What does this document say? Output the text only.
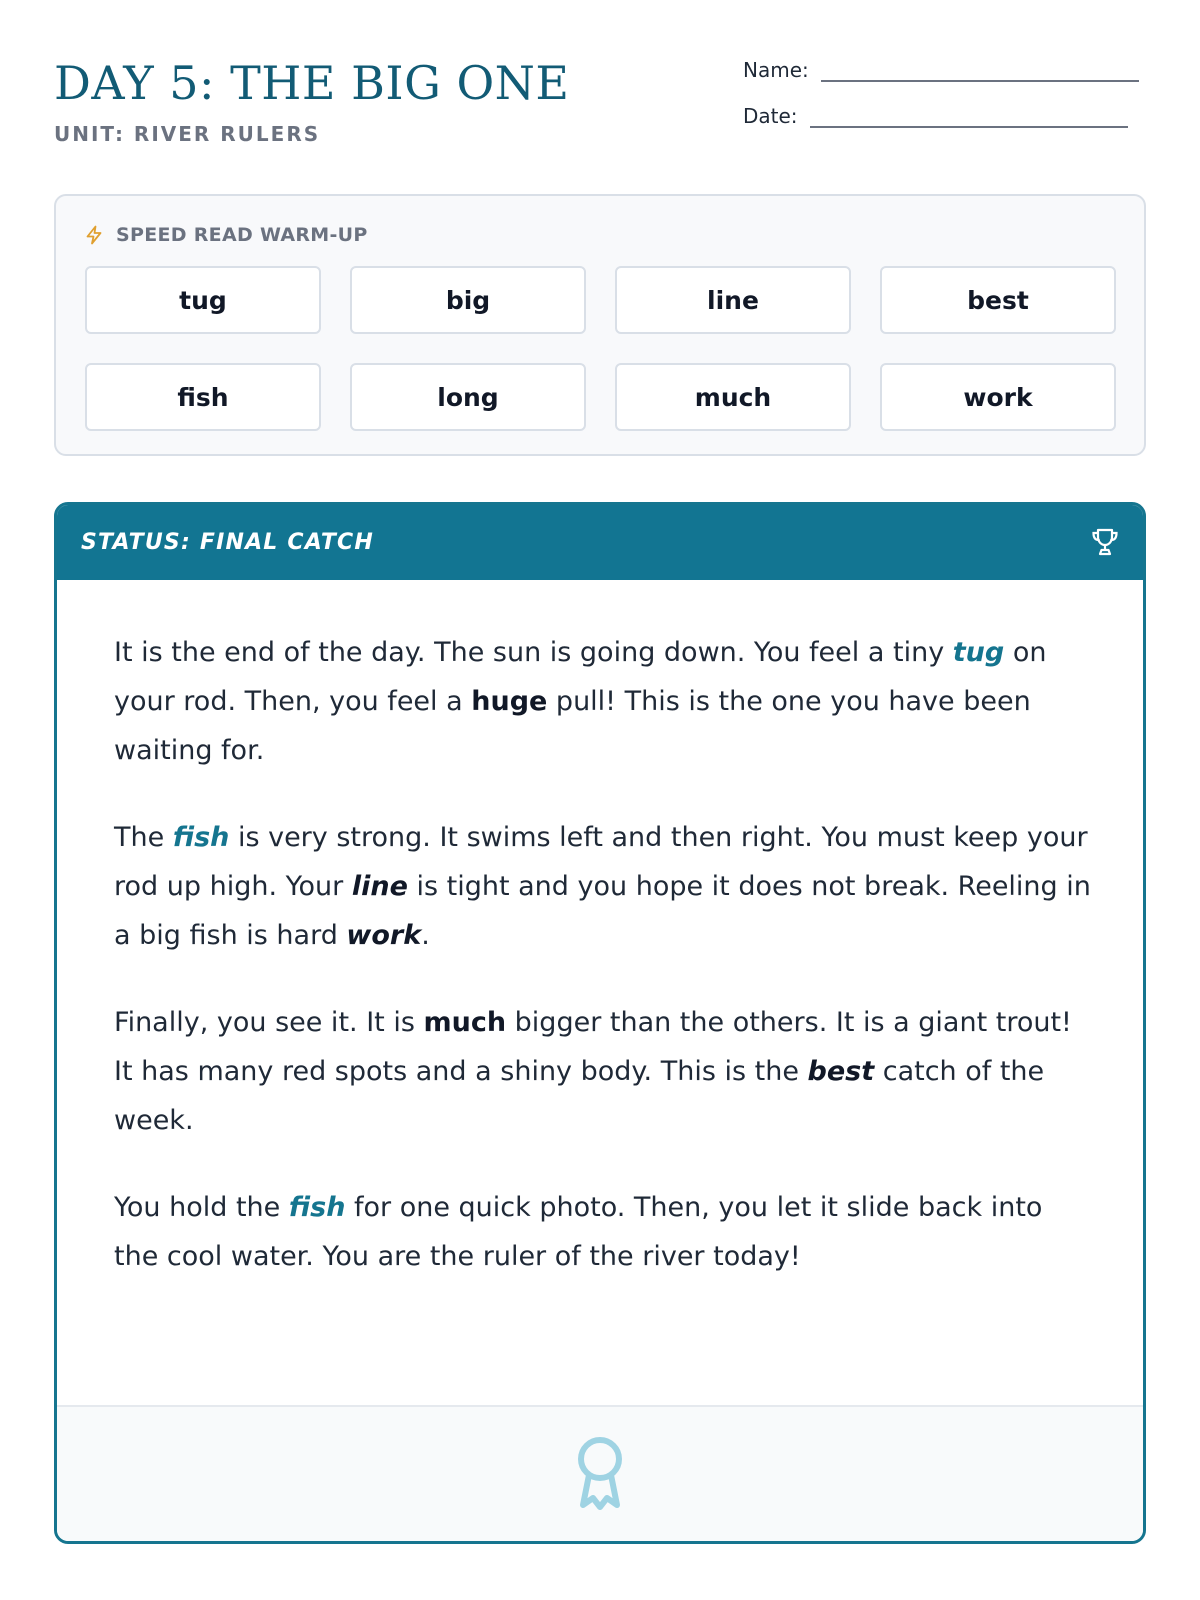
DAY 5: THE BIG ONE
UNIT: RIVER RULERS
Name:
Date:
SPEED READ WARM-UP
tug	big	line	best
fish	long	much	work
STATUS: FINAL CATCH

It is the end of the day. The sun is going down. You feel a tiny tug on your rod. Then, you feel a huge pull! This is the one you have been waiting for.

The fish is very strong. It swims left and then right. You must keep your rod up high. Your line is tight and you hope it does not break. Reeling in a big fish is hard work.

Finally, you see it. It is much bigger than the others. It is a giant trout! It has many red spots and a shiny body. This is the best catch of the week.

You hold the fish for one quick photo. Then, you let it slide back into the cool water. You are the ruler of the river today!
